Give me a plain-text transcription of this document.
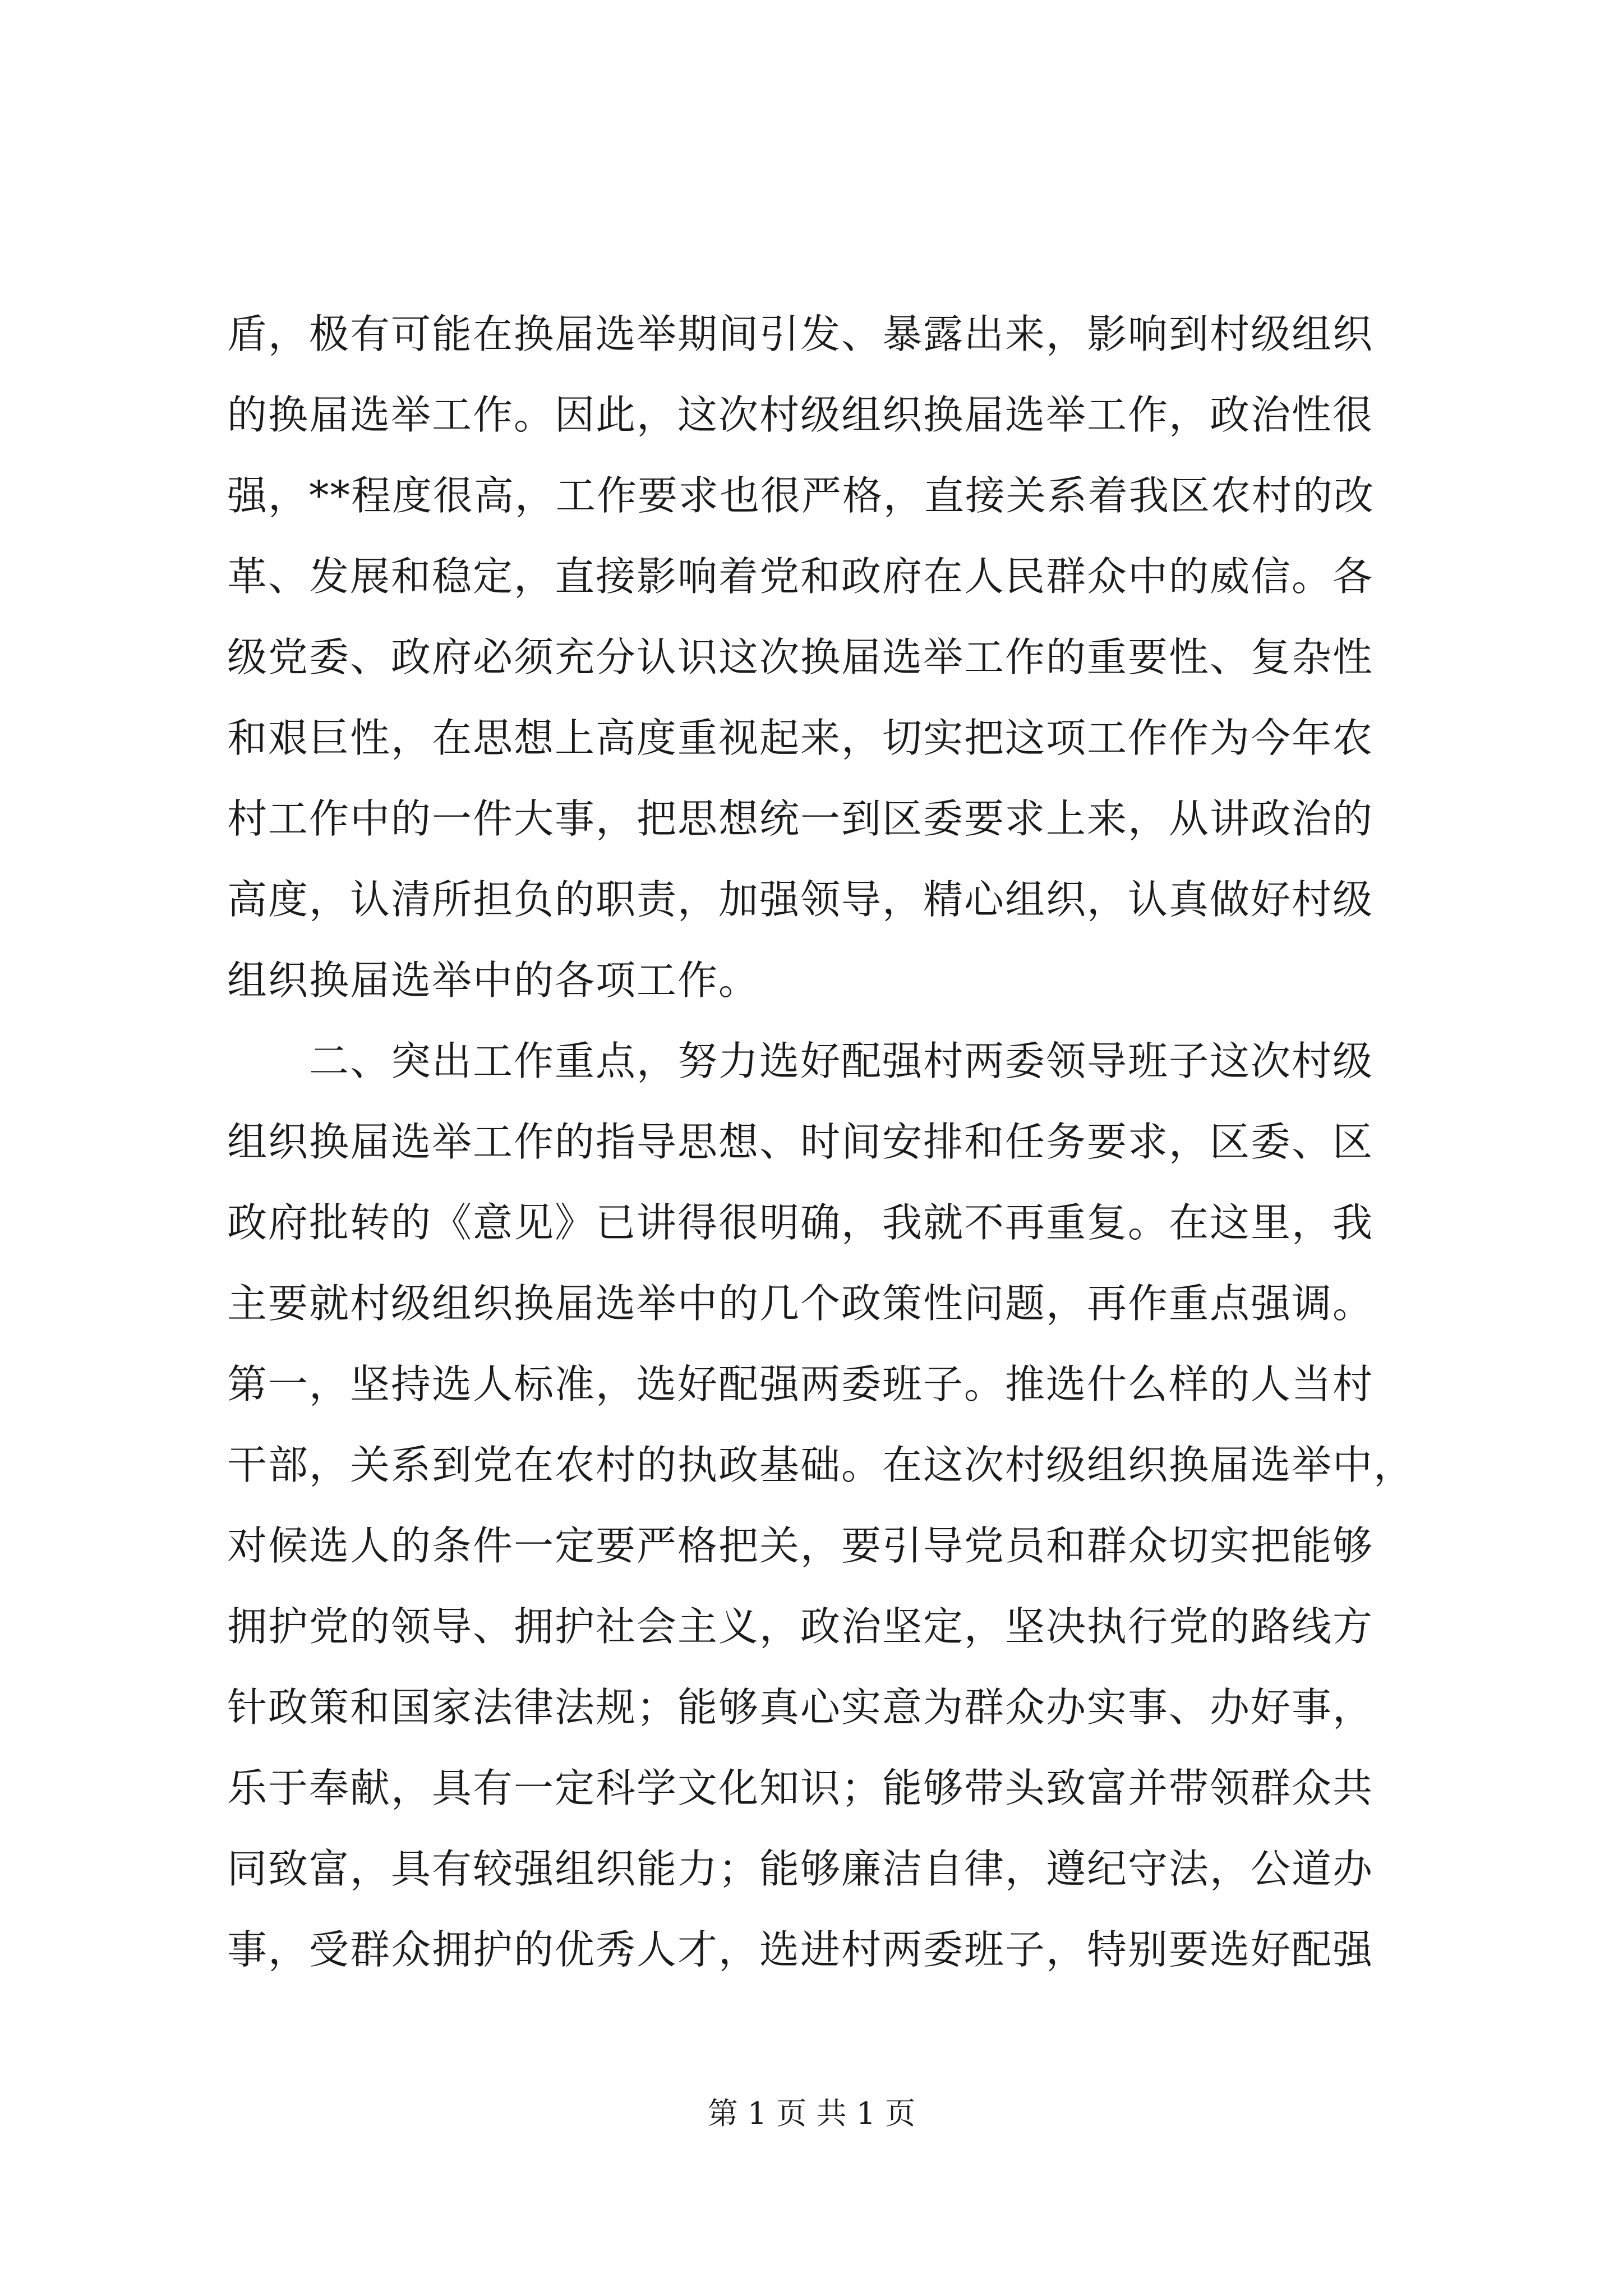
盾，极有可能在换届选举期间引发、暴露出来，影响到村级组织
的换届选举工作。因此，这次村级组织换届选举工作，政治性很
强，**程度很高，工作要求也很严格，直接关系着我区农村的改
革、发展和稳定，直接影响着党和政府在人民群众中的威信。各
级党委、政府必须充分认识这次换届选举工作的重要性、复杂性
和艰巨性，在思想上高度重视起来，切实把这项工作作为今年农
村工作中的一件大事，把思想统一到区委要求上来，从讲政治的
高度，认清所担负的职责，加强领导，精心组织，认真做好村级
组织换届选举中的各项工作。
　　二、突出工作重点，努力选好配强村两委领导班子这次村级
组织换届选举工作的指导思想、时间安排和任务要求，区委、区
政府批转的《意见》已讲得很明确，我就不再重复。在这里，我
主要就村级组织换届选举中的几个政策性问题，再作重点强调。
第一，坚持选人标准，选好配强两委班子。推选什么样的人当村
干部，关系到党在农村的执政基础。在这次村级组织换届选举中，
对候选人的条件一定要严格把关，要引导党员和群众切实把能够
拥护党的领导、拥护社会主义，政治坚定，坚决执行党的路线方
针政策和国家法律法规；能够真心实意为群众办实事、办好事，
乐于奉献，具有一定科学文化知识；能够带头致富并带领群众共
同致富，具有较强组织能力；能够廉洁自律，遵纪守法，公道办
事，受群众拥护的优秀人才，选进村两委班子，特别要选好配强
第 1 页 共 1 页
